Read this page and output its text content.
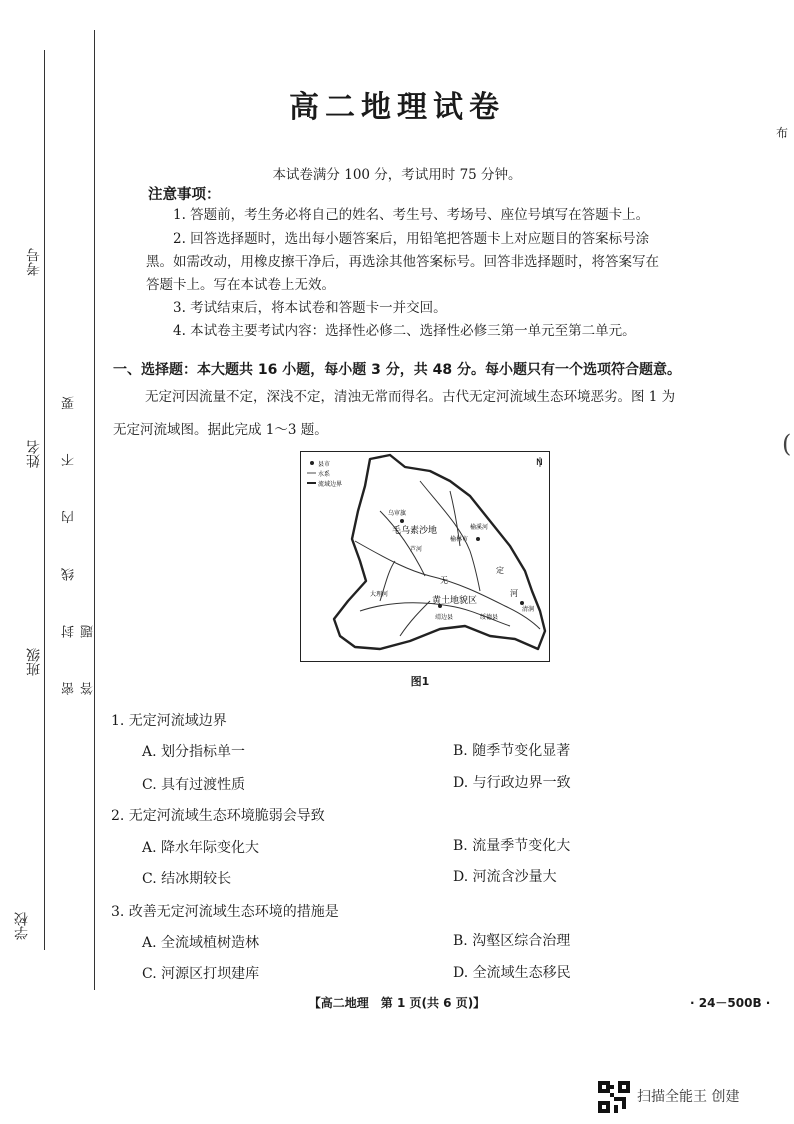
考号
姓名
班级
学校
密 封 线 内 不 要 答 题
高二地理试卷
布
本试卷满分 100 分，考试用时 75 分钟。
注意事项：
1. 答题前，考生务必将自己的姓名、考生号、考场号、座位号填写在答题卡上。
2. 回答选择题时，选出每小题答案后，用铅笔把答题卡上对应题目的答案标号涂
黑。如需改动，用橡皮擦干净后，再选涂其他答案标号。回答非选择题时，将答案写在
答题卡上。写在本试卷上无效。
3. 考试结束后，将本试卷和答题卡一并交回。
4. 本试卷主要考试内容：选择性必修二、选择性必修三第一单元至第二单元。
一、选择题：本大题共 16 小题，每小题 3 分，共 48 分。每小题只有一个选项符合题意。
无定河因流量不定，深浅不定，清浊无常而得名。古代无定河流域生态环境恶劣。图 1 为
无定河流域图。据此完成 1～3 题。	(
县市
水系
流域边界
N
乌审旗
榆林市
靖边县
清涧
绥德县
毛乌素沙地
黄土地貌区
无
定
河
榆溪河
芦河
大理河
图1
1. 无定河流域边界
A. 划分指标单一	B. 随季节变化显著
C. 具有过渡性质	D. 与行政边界一致
2. 无定河流域生态环境脆弱会导致
A. 降水年际变化大	B. 流量季节变化大
C. 结冰期较长	D. 河流含沙量大
3. 改善无定河流域生态环境的措施是
A. 全流域植树造林	B. 沟壑区综合治理
C. 河源区打坝建库	D. 全流域生态移民
【高二地理　第 1 页(共 6 页)】	· 24－500B ·
扫描全能王 创建
